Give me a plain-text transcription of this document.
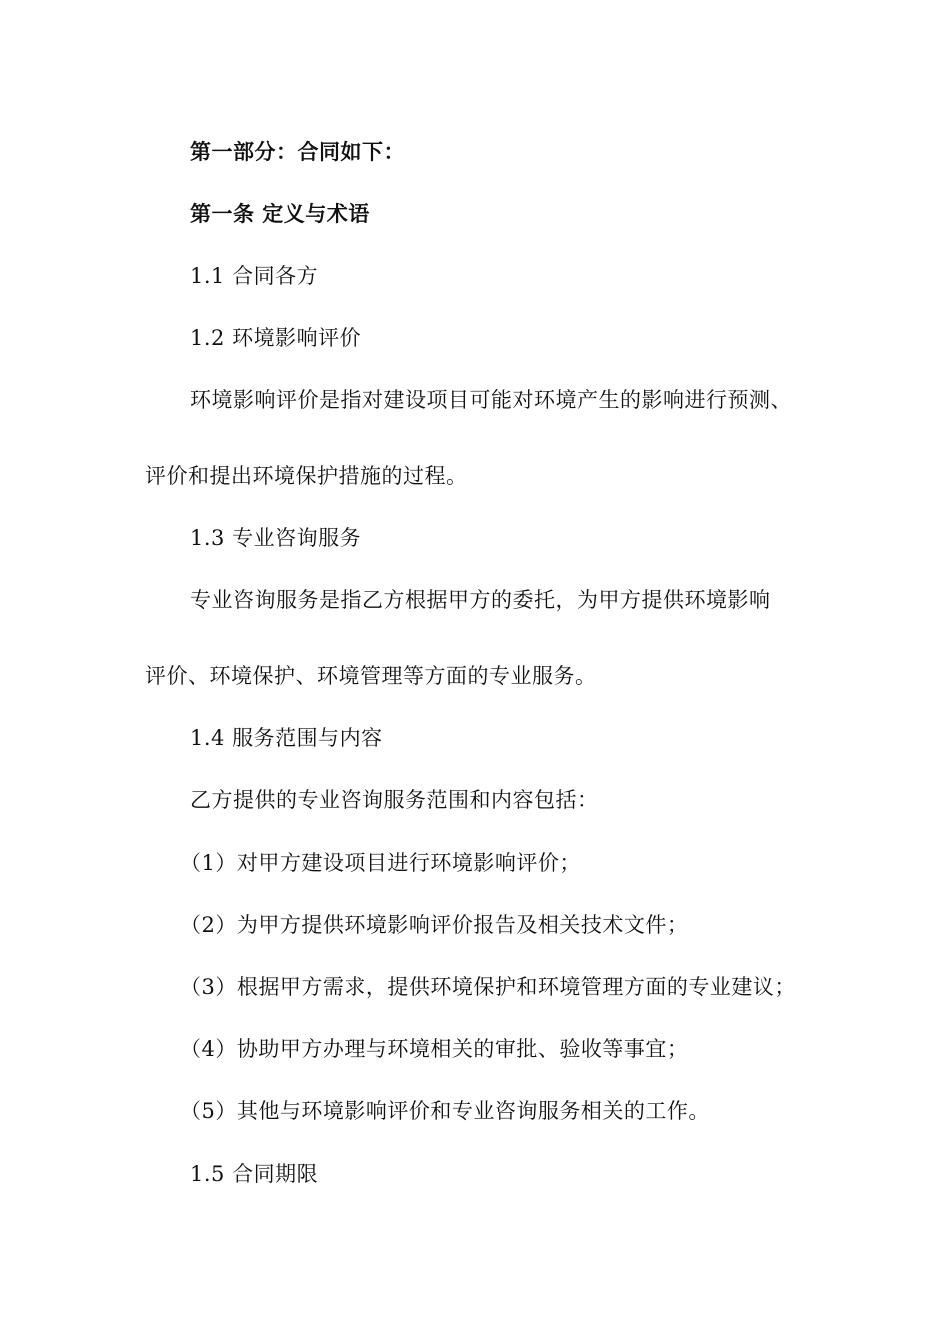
第一部分：合同如下：
第一条 定义与术语
1.1 合同各方
1.2 环境影响评价
环境影响评价是指对建设项目可能对环境产生的影响进行预测、
评价和提出环境保护措施的过程。
1.3 专业咨询服务
专业咨询服务是指乙方根据甲方的委托，为甲方提供环境影响
评价、环境保护、环境管理等方面的专业服务。
1.4 服务范围与内容
乙方提供的专业咨询服务范围和内容包括：
（1）对甲方建设项目进行环境影响评价；
（2）为甲方提供环境影响评价报告及相关技术文件；
（3）根据甲方需求，提供环境保护和环境管理方面的专业建议；
（4）协助甲方办理与环境相关的审批、验收等事宜；
（5）其他与环境影响评价和专业咨询服务相关的工作。
1.5 合同期限
